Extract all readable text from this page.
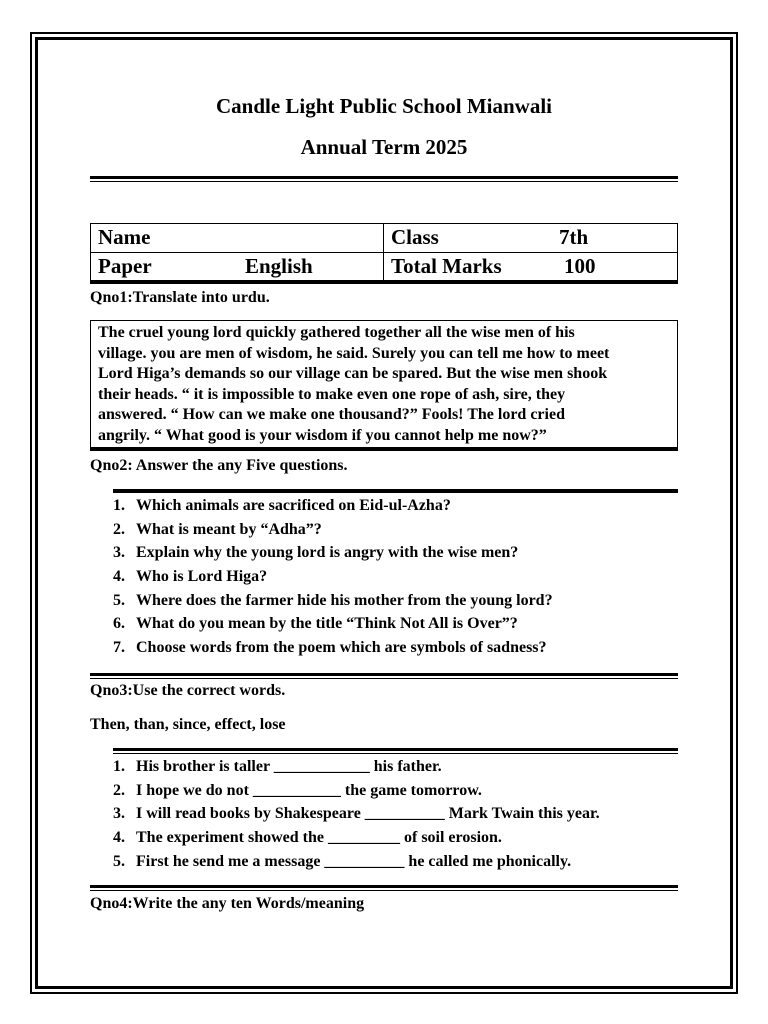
Candle Light Public School Mianwali
Annual Term 2025
Name	Class	7th
Paper	English	Total Marks	100
Qno1:Translate into urdu.
The cruel young lord quickly gathered together all the wise men of his
village. you are men of wisdom, he said. Surely you can tell me how to meet
Lord Higa’s demands so our village can be spared. But the wise men shook
their heads. “ it is impossible to make even one rope of ash, sire, they
answered. “ How can we make one thousand?” Fools! The lord cried
angrily. “ What good is your wisdom if you cannot help me now?”
Qno2: Answer the any Five questions.
1. Which animals are sacrificed on Eid-ul-Azha?
2. What is meant by “Adha”?
3. Explain why the young lord is angry with the wise men?
4. Who is Lord Higa?
5. Where does the farmer hide his mother from the young lord?
6. What do you mean by the title “Think Not All is Over”?
7. Choose words from the poem which are symbols of sadness?
Qno3:Use the correct words.
Then, than, since, effect, lose
1. His brother is taller ____________ his father.
2. I hope we do not ___________ the game tomorrow.
3. I will read books by Shakespeare __________ Mark Twain this year.
4. The experiment showed the _________ of soil erosion.
5. First he send me a message __________ he called me phonically.
Qno4:Write the any ten Words/meaning
